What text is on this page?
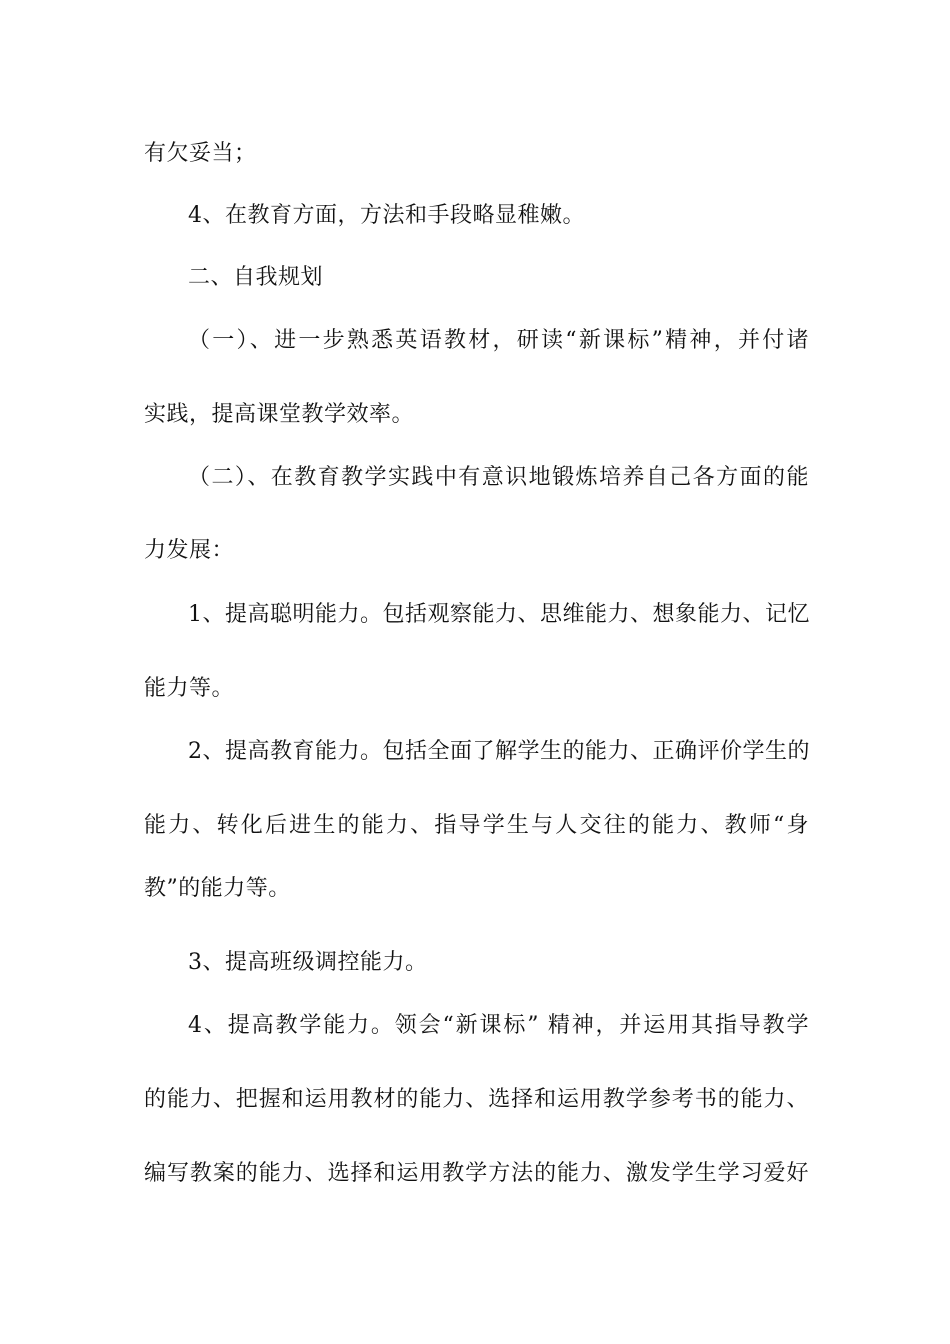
有欠妥当；
4、在教育方面，方法和手段略显稚嫩。
二、自我规划
（一）、进一步熟悉英语教材，研读“新课标”精神，并付诸
实践，提高课堂教学效率。
（二）、在教育教学实践中有意识地锻炼培养自己各方面的能
力发展：
1、提高聪明能力。包括观察能力、思维能力、想象能力、记忆
能力等。
2、提高教育能力。包括全面了解学生的能力、正确评价学生的
能力、转化后进生的能力、指导学生与人交往的能力、教师“身
教”的能力等。
3、提高班级调控能力。
4、提高教学能力。领会“新课标” 精神，并运用其指导教学
的能力、把握和运用教材的能力、选择和运用教学参考书的能力、
编写教案的能力、选择和运用教学方法的能力、激发学生学习爱好
